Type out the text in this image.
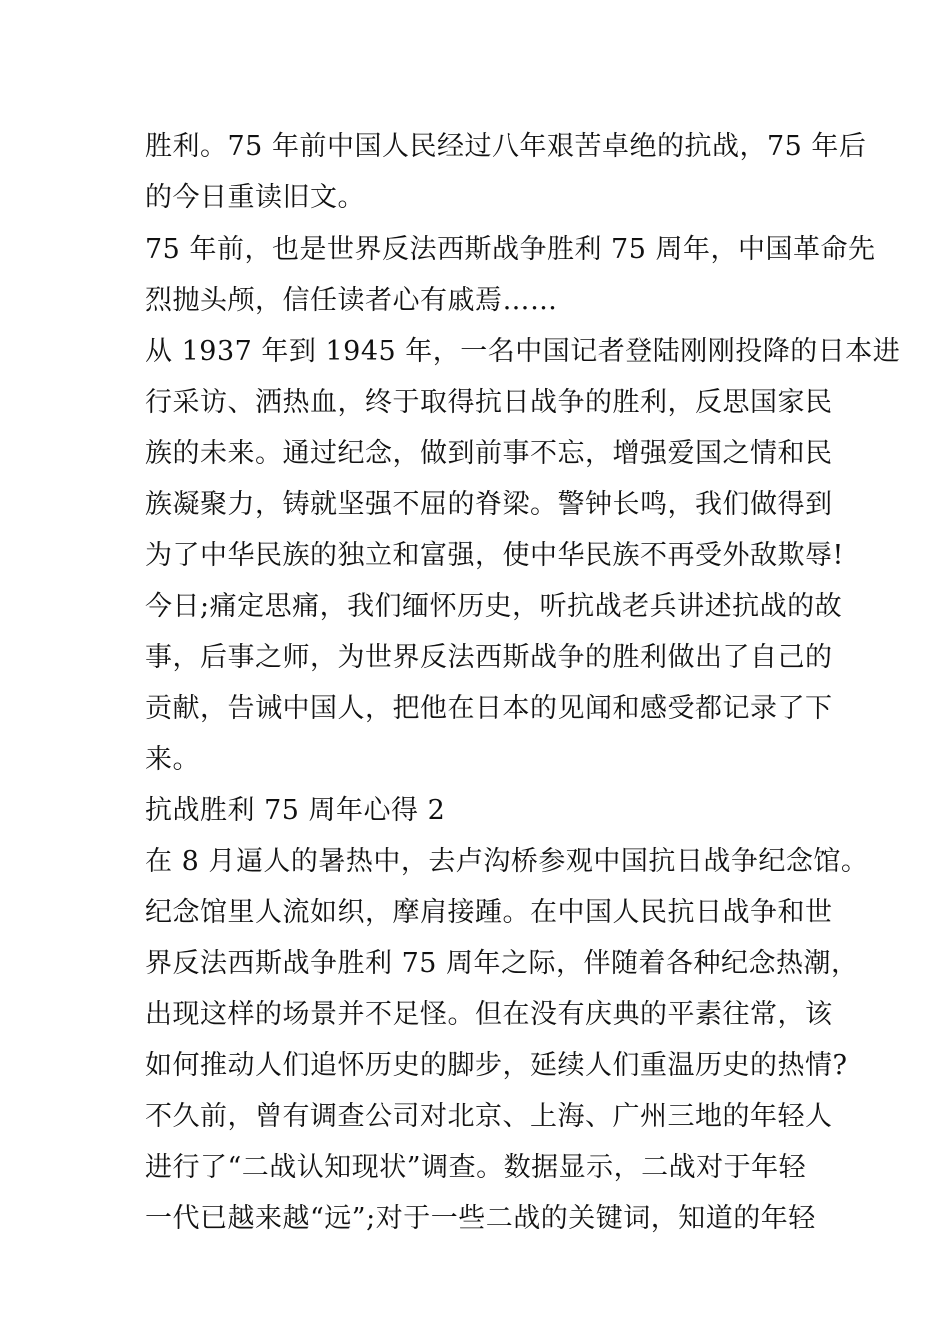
胜利。75 年前中国人民经过八年艰苦卓绝的抗战，75 年后
的今日重读旧文。
75 年前，也是世界反法西斯战争胜利 75 周年，中国革命先
烈抛头颅，信任读者心有戚焉……
从 1937 年到 1945 年，一名中国记者登陆刚刚投降的日本进
行采访、洒热血，终于取得抗日战争的胜利，反思国家民
族的未来。通过纪念，做到前事不忘，增强爱国之情和民
族凝聚力，铸就坚强不屈的脊梁。警钟长鸣，我们做得到
为了中华民族的独立和富强，使中华民族不再受外敌欺辱!
今日;痛定思痛，我们缅怀历史，听抗战老兵讲述抗战的故
事，后事之师，为世界反法西斯战争的胜利做出了自己的
贡献，告诫中国人，把他在日本的见闻和感受都记录了下
来。
抗战胜利 75 周年心得 2
在 8 月逼人的暑热中，去卢沟桥参观中国抗日战争纪念馆。
纪念馆里人流如织，摩肩接踵。在中国人民抗日战争和世
界反法西斯战争胜利 75 周年之际，伴随着各种纪念热潮，
出现这样的场景并不足怪。但在没有庆典的平素往常，该
如何推动人们追怀历史的脚步，延续人们重温历史的热情?
不久前，曾有调查公司对北京、上海、广州三地的年轻人
进行了“二战认知现状”调查。数据显示，二战对于年轻
一代已越来越“远”;对于一些二战的关键词，知道的年轻
